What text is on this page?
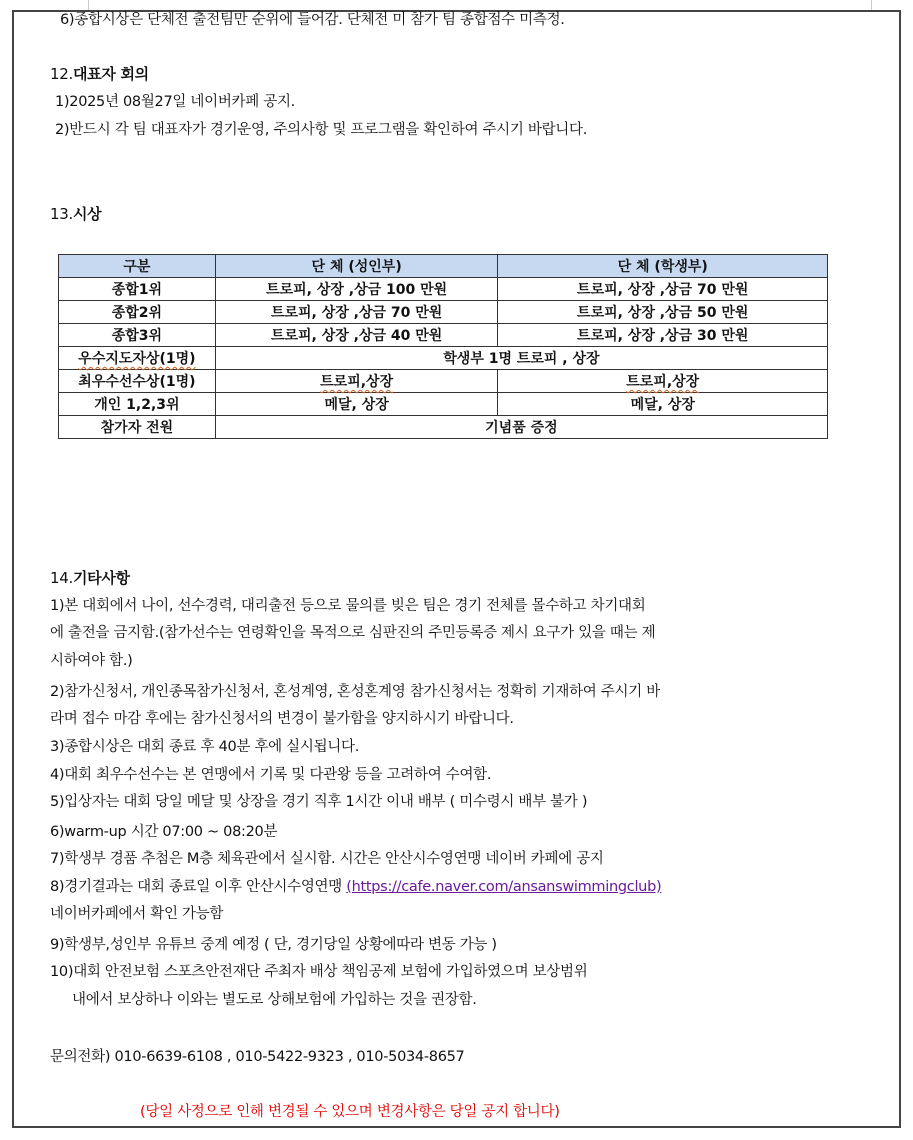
6)종합시상은 단체전 출전팀만 순위에 들어감. 단체전 미 참가 팀 종합점수 미측정.
12.대표자 회의
1)2025년 08월27일 네이버카페 공지.
2)반드시 각 팀 대표자가 경기운영, 주의사항 및 프로그램을 확인하여 주시기 바랍니다.
13.시상
구분	단 체 (성인부)	단 체 (학생부)
종합1위	트로피, 상장 ,상금 100 만원	트로피, 상장 ,상금 70 만원
종합2위	트로피, 상장 ,상금 70 만원	트로피, 상장 ,상금 50 만원
종합3위	트로피, 상장 ,상금 40 만원	트로피, 상장 ,상금 30 만원
우수지도자상(1명)	학생부 1명 트로피 , 상장	
최우수선수상(1명)	트로피,상장	트로피,상장
개인 1,2,3위	메달, 상장	메달, 상장
참가자 전원	기념품 증정	
14.기타사항
1)본 대회에서 나이, 선수경력, 대리출전 등으로 물의를 빚은 팀은 경기 전체를 몰수하고 차기대회
에 출전을 금지함.(참가선수는 연령확인을 목적으로 심판진의 주민등록증 제시 요구가 있을 때는 제
시하여야 함.)
2)참가신청서, 개인종목참가신청서, 혼성계영, 혼성혼계영 참가신청서는 정확히 기재하여 주시기 바
라며 접수 마감 후에는 참가신청서의 변경이 불가함을 양지하시기 바랍니다.
3)종합시상은 대회 종료 후 40분 후에 실시됩니다.
4)대회 최우수선수는 본 연맹에서 기록 및 다관왕 등을 고려하여 수여함.
5)입상자는 대회 당일 메달 및 상장을 경기 직후 1시간 이내 배부 ( 미수령시 배부 불가 )
6)warm-up 시간 07:00 ~ 08:20분
7)학생부 경품 추첨은 M층 체육관에서 실시함. 시간은 안산시수영연맹 네이버 카페에 공지
8)경기결과는 대회 종료일 이후 안산시수영연맹 (https://cafe.naver.com/ansanswimmingclub)
네이버카페에서 확인 가능함
9)학생부,성인부 유튜브 중계 예정 ( 단, 경기당일 상황에따라 변동 가능 )
10)대회 안전보험 스포츠안전재단 주최자 배상 책임공제 보험에 가입하였으며 보상범위
내에서 보상하나 이와는 별도로 상해보험에 가입하는 것을 권장함.
문의전화) 010-6639-6108 , 010-5422-9323 , 010-5034-8657
(당일 사정으로 인해 변경될 수 있으며 변경사항은 당일 공지 합니다)
